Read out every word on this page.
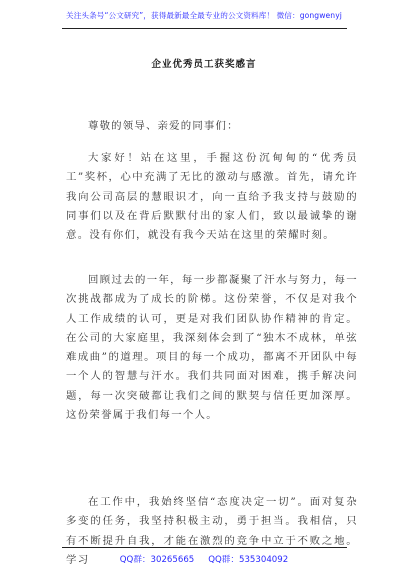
关注头条号“公文研究”，获得最新最全最专业的公文资料库！ 微信：gongwenyj
企业优秀员工获奖感言
尊敬的领导、亲爱的同事们：

大家好！站在这里，手握这份沉甸甸的“优秀员工”奖杯，心中充满了无比的激动与感激。首先，请允许我向公司高层的慧眼识才，向一直给予我支持与鼓励的同事们以及在背后默默付出的家人们，致以最诚挚的谢意。没有你们，就没有我今天站在这里的荣耀时刻。

回顾过去的一年，每一步都凝聚了汗水与努力，每一次挑战都成为了成长的阶梯。这份荣誉，不仅是对我个人工作成绩的认可，更是对我们团队协作精神的肯定。在公司的大家庭里，我深刻体会到了“独木不成林，单弦难成曲”的道理。项目的每一个成功，都离不开团队中每一个人的智慧与汗水。我们共同面对困难，携手解决问题，每一次突破都让我们之间的默契与信任更加深厚。这份荣誉属于我们每一个人。

在工作中，我始终坚信“态度决定一切”。面对复杂多变的任务，我坚持积极主动，勇于担当。我相信，只有不断提升自我，才能在激烈的竞争中立于不败之地。学习	QQ群：30265665 QQ群：535304092
